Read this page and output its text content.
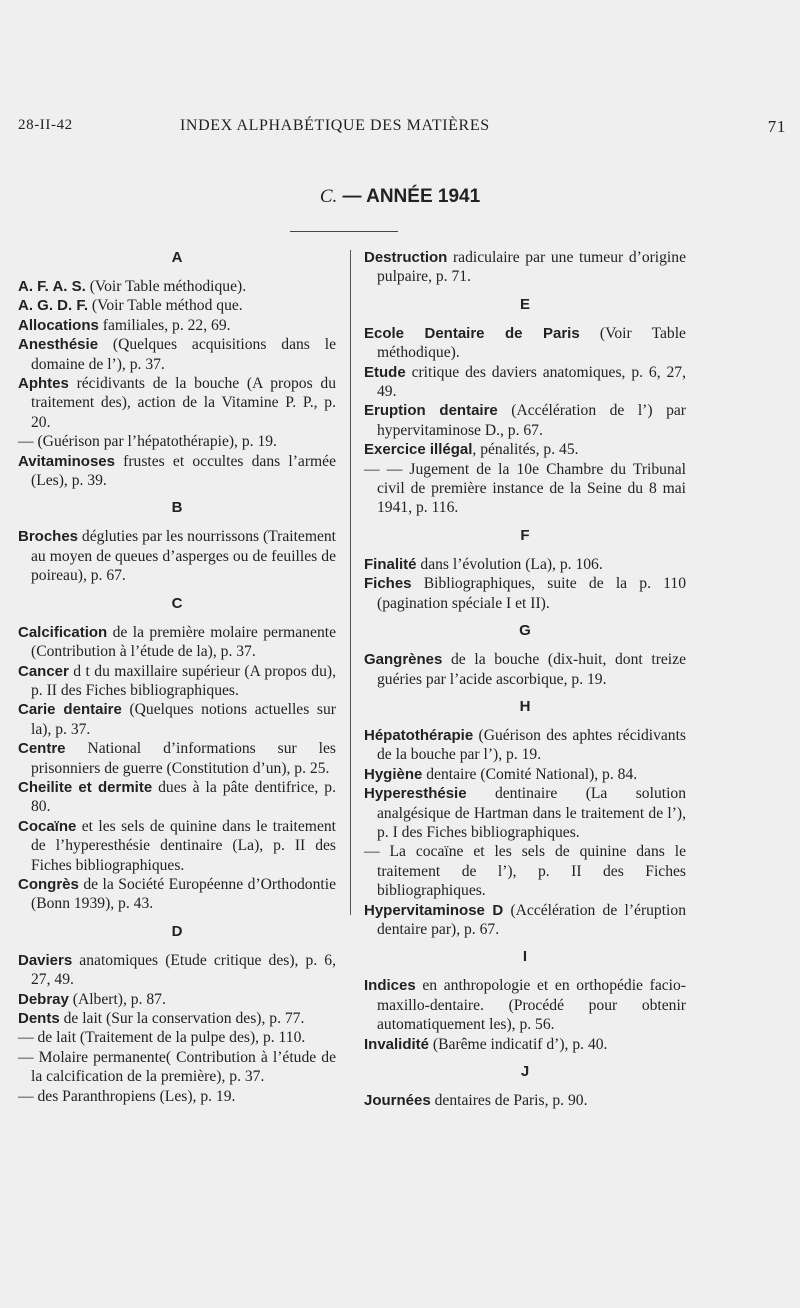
28-II-42	INDEX ALPHABÉTIQUE DES MATIÈRES	71
C. — ANNÉE 1941
A
A. F. A. S. (Voir Table méthodique).
A. G. D. F. (Voir Table méthod que.
Allocations familiales, p. 22, 69.
Anesthésie (Quelques acquisitions dans le domaine de l’), p. 37.
Aphtes récidivants de la bouche (A propos du traitement des), action de la Vitamine P. P., p. 20.
— (Guérison par l’hépatothérapie), p. 19.
Avitaminoses frustes et occultes dans l’armée (Les), p. 39.
B
Broches dégluties par les nourrissons (Traitement au moyen de queues d’asperges ou de feuilles de poireau), p. 67.
C
Calcification de la première molaire permanente (Contribution à l’étude de la), p. 37.
Cancer d t du maxillaire supérieur (A propos du), p. II des Fiches bibliographiques.
Carie dentaire (Quelques notions actuelles sur la), p. 37.
Centre National d’informations sur les prisonniers de guerre (Constitution d’un), p. 25.
Cheilite et dermite dues à la pâte dentifrice, p. 80.
Cocaïne et les sels de quinine dans le traitement de l’hyperesthésie dentinaire (La), p. II des Fiches bibliographiques.
Congrès de la Société Européenne d’Orthodontie (Bonn 1939), p. 43.
D
Daviers anatomiques (Etude critique des), p. 6, 27, 49.
Debray (Albert), p. 87.
Dents de lait (Sur la conservation des), p. 77.
— de lait (Traitement de la pulpe des), p. 110.
— Molaire permanente( Contribution à l’étude de la calcification de la première), p. 37.
— des Paranthropiens (Les), p. 19.
Destruction radiculaire par une tumeur d’origine pulpaire, p. 71.
E
Ecole Dentaire de Paris (Voir Table méthodique).
Etude critique des daviers anatomiques, p. 6, 27, 49.
Eruption dentaire (Accélération de l’) par hypervitaminose D., p. 67.
Exercice illégal, pénalités, p. 45.
— — Jugement de la 10e Chambre du Tribunal civil de première instance de la Seine du 8 mai 1941, p. 116.
F
Finalité dans l’évolution (La), p. 106.
Fiches Bibliographiques, suite de la p. 110 (pagination spéciale I et II).
G
Gangrènes de la bouche (dix-huit, dont treize guéries par l’acide ascorbique, p. 19.
H
Hépatothérapie (Guérison des aphtes récidivants de la bouche par l’), p. 19.
Hygiène dentaire (Comité National), p. 84.
Hyperesthésie dentinaire (La solution analgésique de Hartman dans le traitement de l’), p. I des Fiches bibliographiques.
— La cocaïne et les sels de quinine dans le traitement de l’), p. II des Fiches bibliographiques.
Hypervitaminose D (Accélération de l’éruption dentaire par), p. 67.
I
Indices en anthropologie et en orthopédie facio-maxillo-dentaire. (Procédé pour obtenir automatiquement les), p. 56.
Invalidité (Barême indicatif d’), p. 40.
J
Journées dentaires de Paris, p. 90.
